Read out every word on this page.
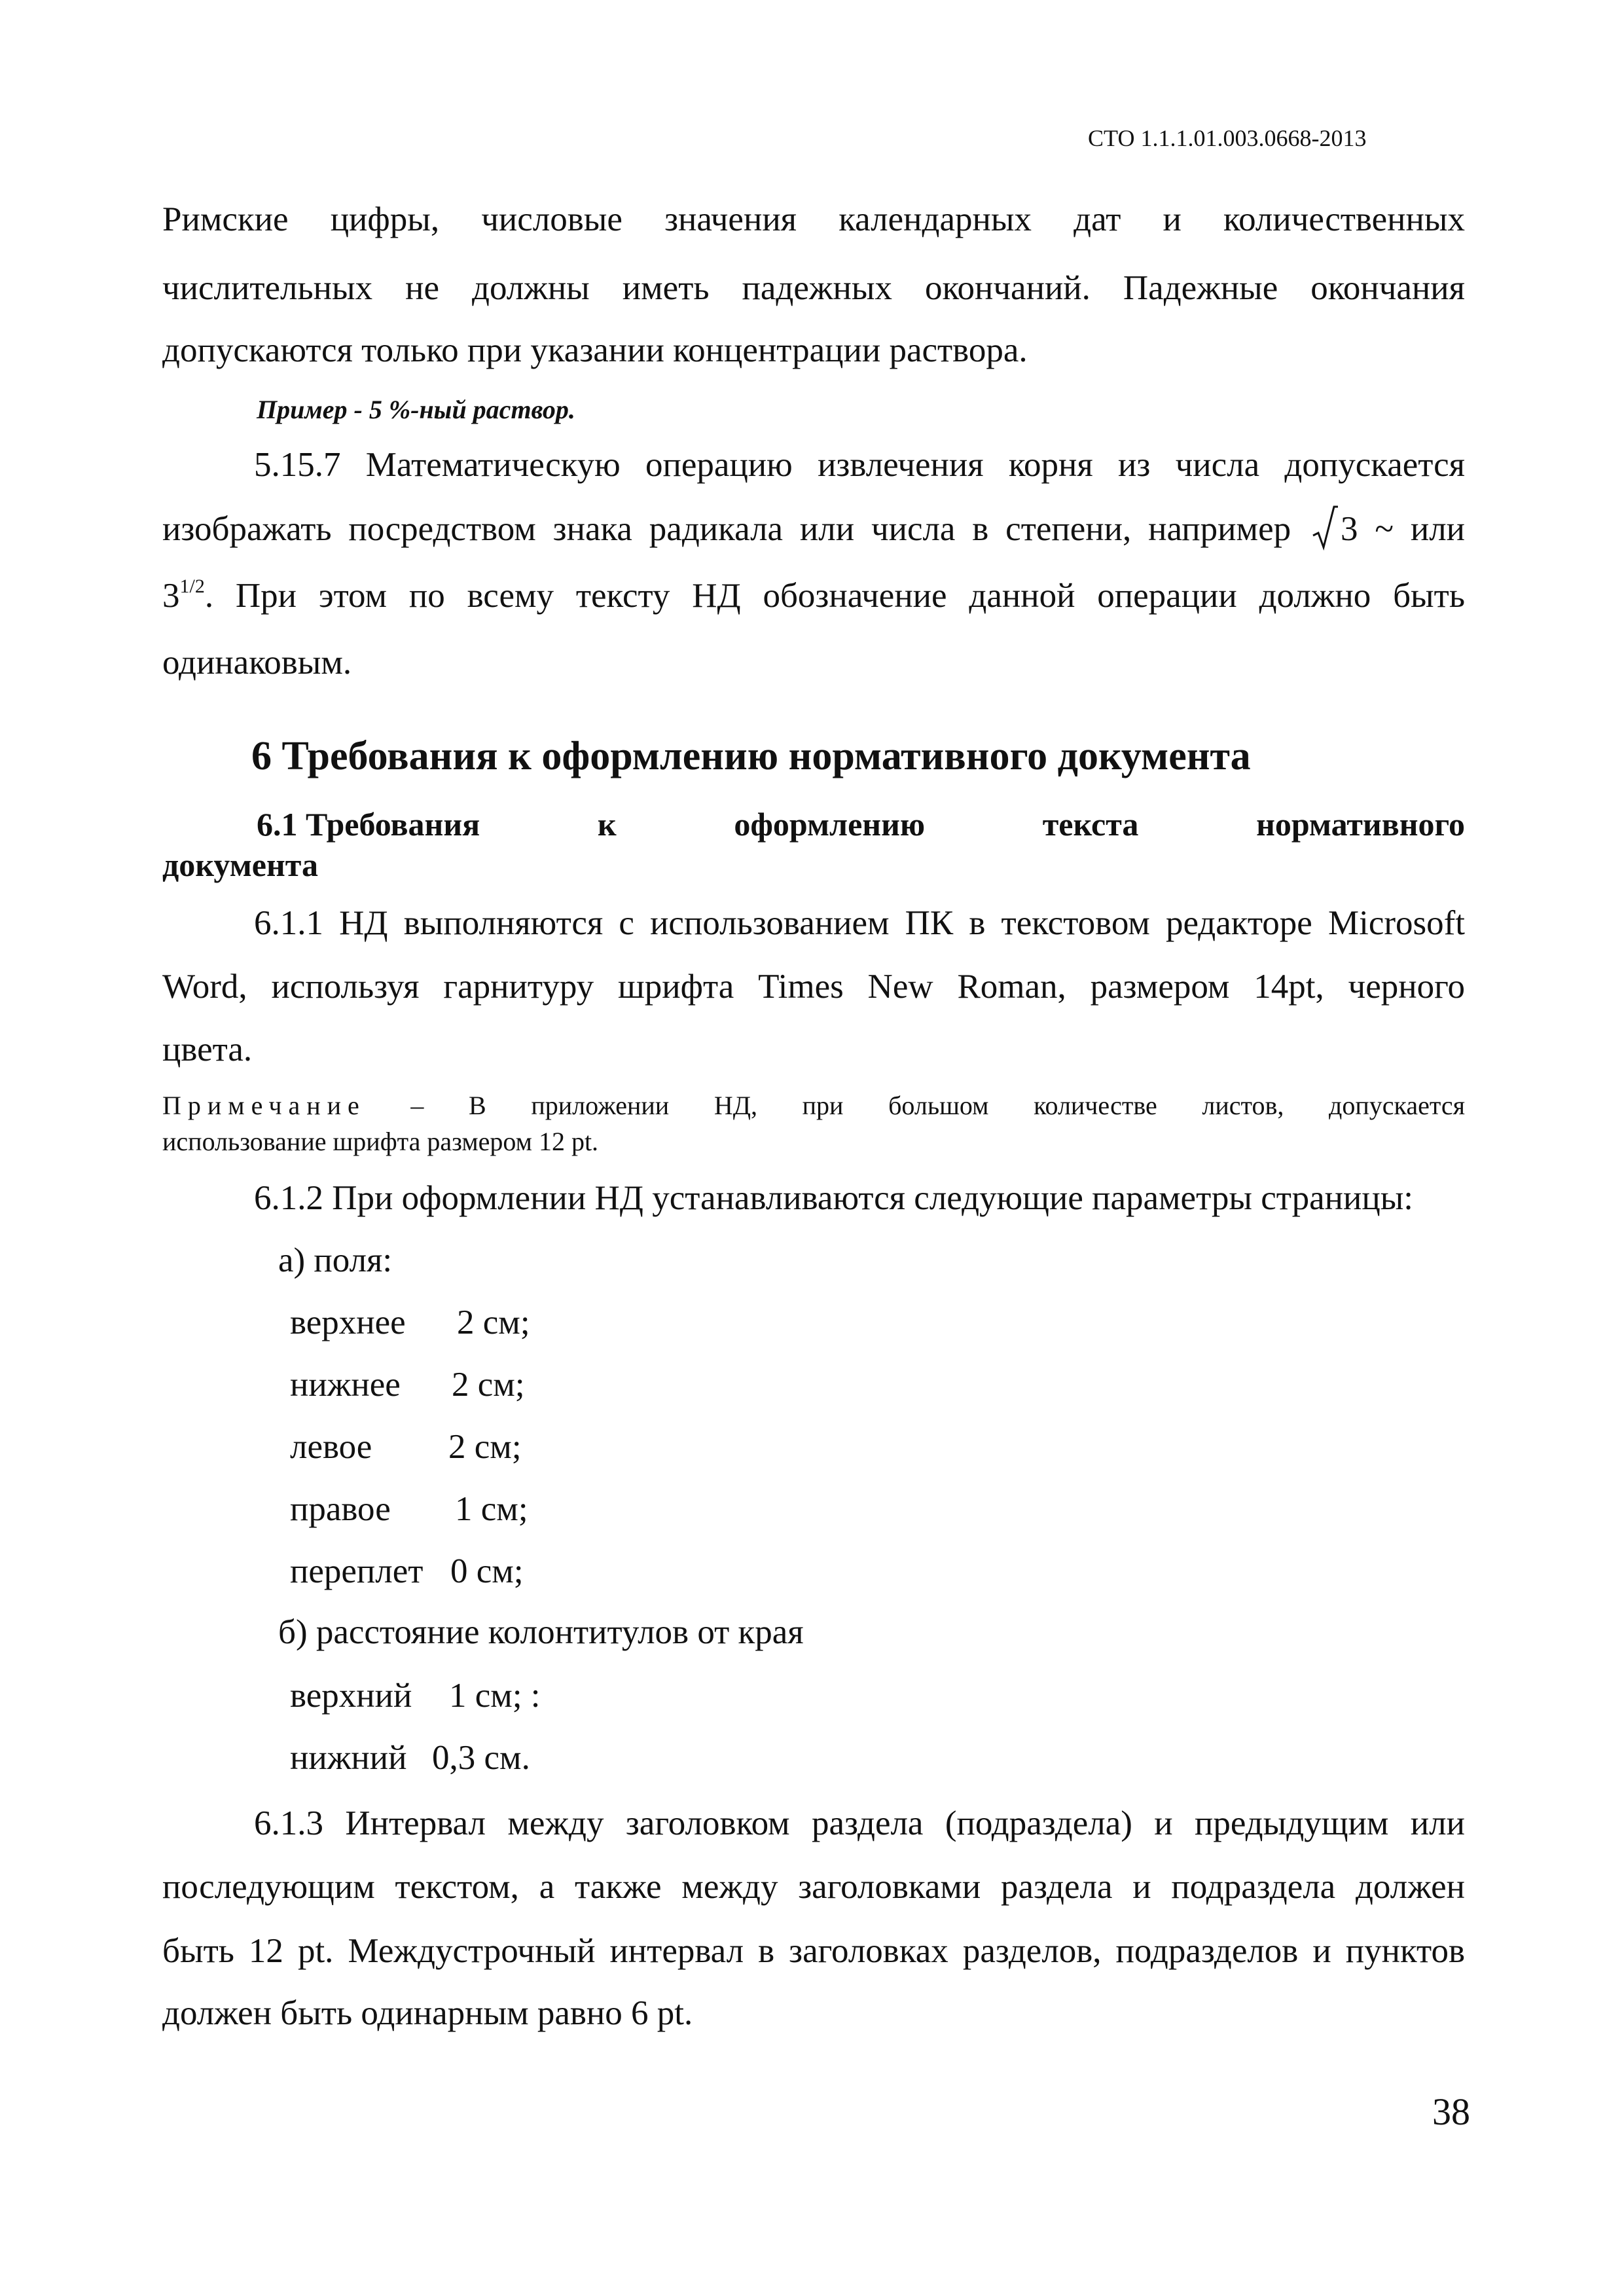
СТО 1.1.1.01.003.0668-2013
Римские цифры, числовые значения календарных дат и количественных
числительных не должны иметь падежных окончаний. Падежные окончания
допускаются только при указании концентрации раствора.
Пример - 5 %-ный раствор.
5.15.7 Математическую операцию извлечения корня из числа допускается
изображать посредством знака радикала или числа в степени, например 3 ~ или
$3^{1/2}$. При этом по всему тексту НД обозначение данной операции должно быть
одинаковым.
6 Требования к оформлению нормативного документа
6.1 Требования	к	оформлению	текста	нормативного
документа
6.1.1 НД выполняются с использованием ПК в текстовом редакторе Microsoft
Word, используя гарнитуру шрифта Times New Roman, размером 14pt, черного
цвета.
Примечание – В приложении НД, при большом количестве листов, допускается
использование шрифта размером 12 pt.
6.1.2 При оформлении НД устанавливаются следующие параметры страницы:
а) поля:
верхнее 2 см;
нижнее 2 см;
левое 2 см;
правое 1 см;
переплет 0 см;
б) расстояние колонтитулов от края
верхний 1 см; :
нижний 0,3 см.
6.1.3 Интервал между заголовком раздела (подраздела) и предыдущим или
последующим текстом, а также между заголовками раздела и подраздела должен
быть 12 pt. Междустрочный интервал в заголовках разделов, подразделов и пунктов
должен быть одинарным равно 6 pt.
38
